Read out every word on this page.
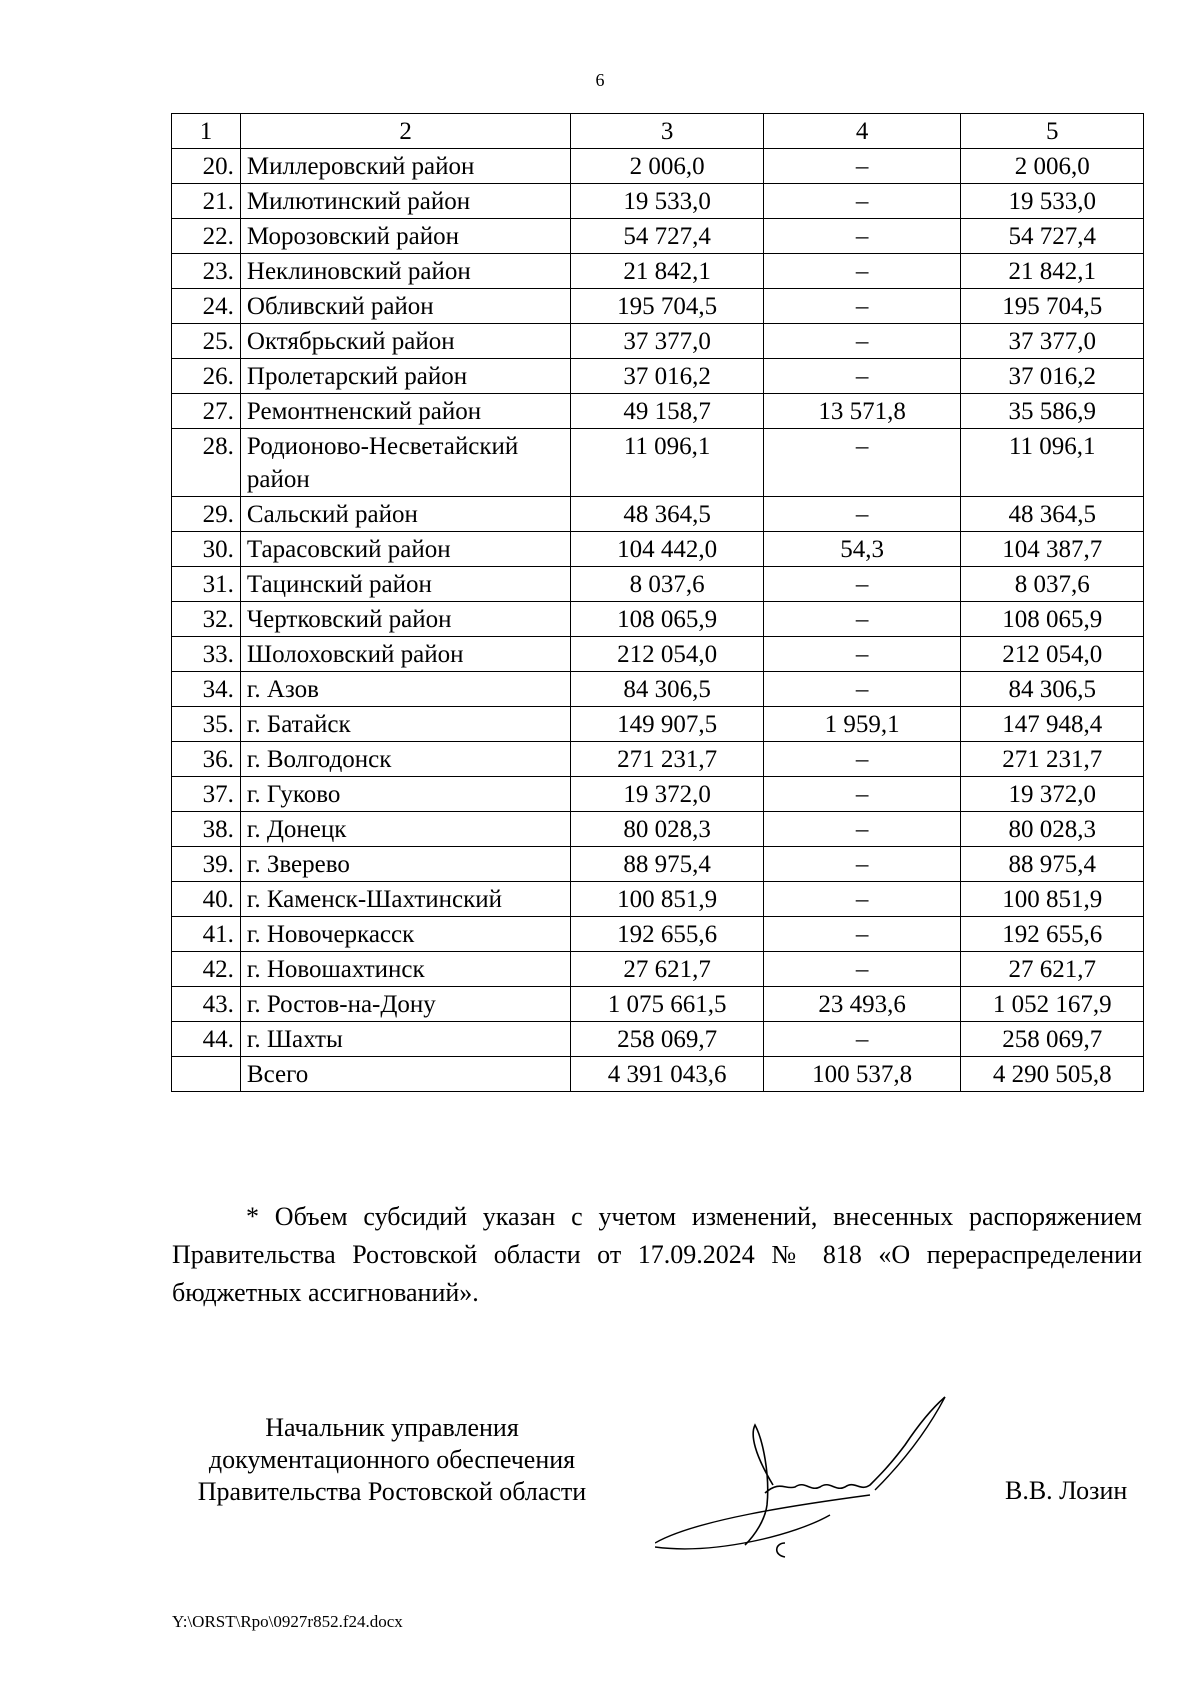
6
1	2	3	4	5
20.	Миллеровский район	2 006,0	–	2 006,0
21.	Милютинский район	19 533,0	–	19 533,0
22.	Морозовский район	54 727,4	–	54 727,4
23.	Неклиновский район	21 842,1	–	21 842,1
24.	Обливский район	195 704,5	–	195 704,5
25.	Октябрьский район	37 377,0	–	37 377,0
26.	Пролетарский район	37 016,2	–	37 016,2
27.	Ремонтненский район	49 158,7	13 571,8	35 586,9
28.	Родионово-Несветайский район	11 096,1	–	11 096,1
29.	Сальский район	48 364,5	–	48 364,5
30.	Тарасовский район	104 442,0	54,3	104 387,7
31.	Тацинский район	8 037,6	–	8 037,6
32.	Чертковский район	108 065,9	–	108 065,9
33.	Шолоховский район	212 054,0	–	212 054,0
34.	г. Азов	84 306,5	–	84 306,5
35.	г. Батайск	149 907,5	1 959,1	147 948,4
36.	г. Волгодонск	271 231,7	–	271 231,7
37.	г. Гуково	19 372,0	–	19 372,0
38.	г. Донецк	80 028,3	–	80 028,3
39.	г. Зверево	88 975,4	–	88 975,4
40.	г. Каменск-Шахтинский	100 851,9	–	100 851,9
41.	г. Новочеркасск	192 655,6	–	192 655,6
42.	г. Новошахтинск	27 621,7	–	27 621,7
43.	г. Ростов-на-Дону	1 075 661,5	23 493,6	1 052 167,9
44.	г. Шахты	258 069,7	–	258 069,7
	Всего	4 391 043,6	100 537,8	4 290 505,8
* Объем субсидий указан с учетом изменений, внесенных распоряжением Правительства Ростовской области от 17.09.2024 № 818 «О перераспределении бюджетных ассигнований».
Начальник управления
документационного обеспечения
Правительства Ростовской области	В.В. Лозин
Y:\ORST\Rpo\0927r852.f24.docx
